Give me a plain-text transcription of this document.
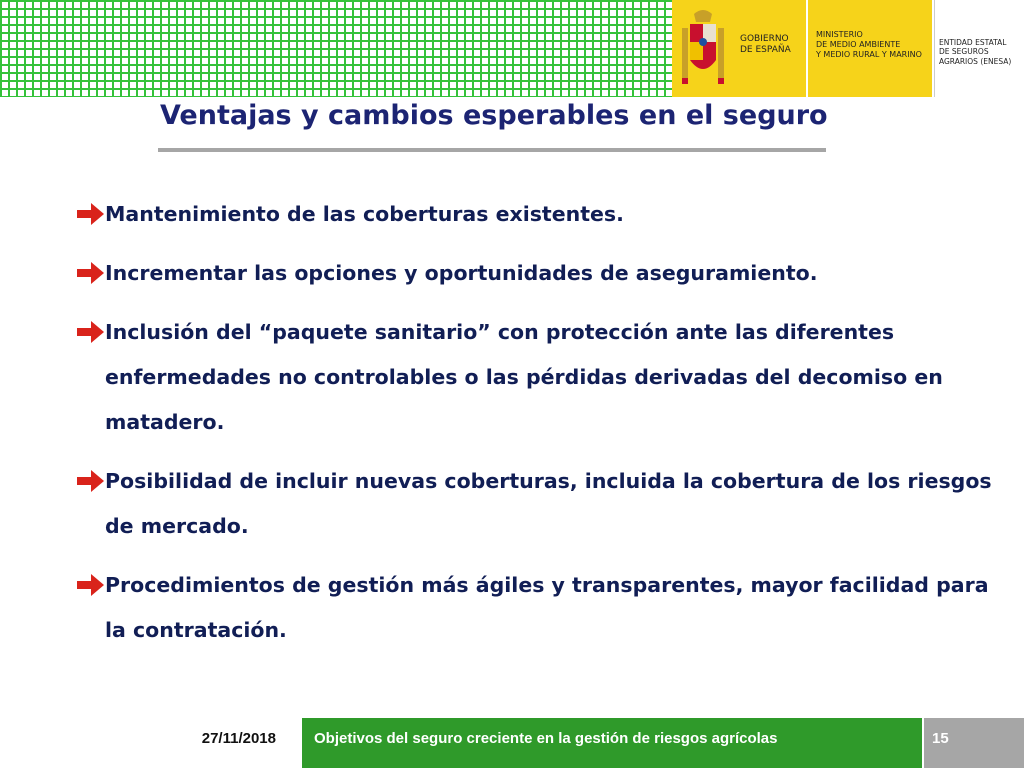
GOBIERNO
DE ESPAÑA
MINISTERIO
DE MEDIO AMBIENTE
Y MEDIO RURAL Y MARINO
ENTIDAD ESTATAL
DE SEGUROS
AGRARIOS (ENESA)
Ventajas y cambios esperables en el seguro
Mantenimiento de las coberturas existentes.
Incrementar las opciones y oportunidades de aseguramiento.
Inclusión del “paquete sanitario” con protección ante las diferentes enfermedades no controlables o las pérdidas derivadas del decomiso en matadero.
Posibilidad de incluir nuevas coberturas, incluida la cobertura de los riesgos de mercado.
Procedimientos de gestión más ágiles y transparentes, mayor facilidad para la contratación.
27/11/2018	Objetivos del seguro creciente en la gestión de riesgos agrícolas	15
